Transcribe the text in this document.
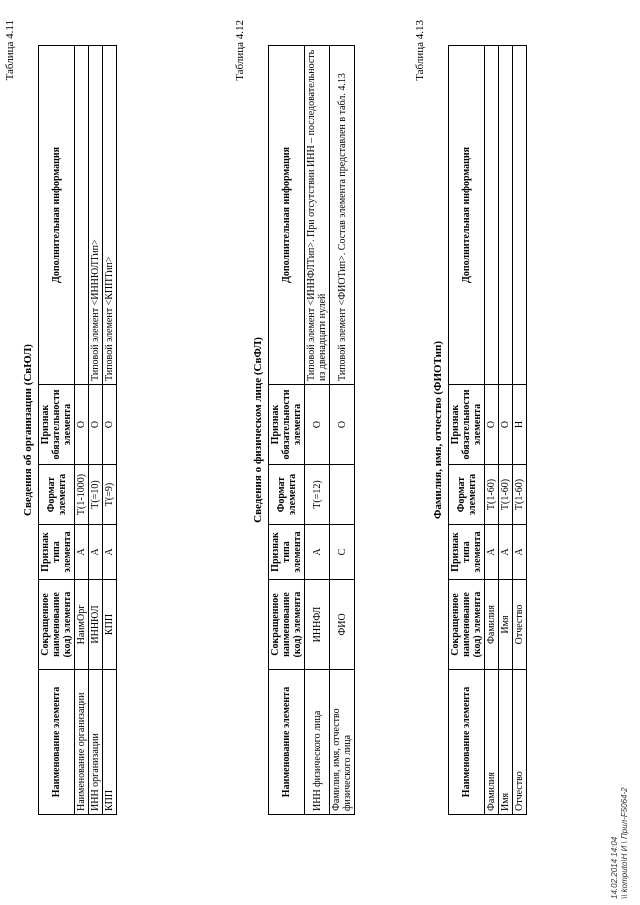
Таблица 4.11
Сведения об организации (СвЮЛ)
Наименование элемента	Сокращенное наименование (код) элемента	Признак типа элемента	Формат элемента	Признак обязательности элемента	Дополнительная информация
Наименование организации	НаимОрг	А	T(1-1000)	О	
ИНН организации	ИННЮЛ	А	T(=10)	О	Типовой элемент <ИННЮЛТип>
КПП	КПП	А	T(=9)	О	Типовой элемент <КППТип>
Таблица 4.12
Сведения о физическом лице (СвФЛ)
Наименование элемента	Сокращенное наименование (код) элемента	Признак типа элемента	Формат элемента	Признак обязательности элемента	Дополнительная информация
ИНН физического лица	ИННФЛ	А	T(=12)	О	Типовой элемент <ИННФЛТип>. При отсутствии ИНН – последовательность из двенадцати нулей
Фамилия, имя, отчество физического лица	ФИО	С		О	Типовой элемент <ФИОТип>. Состав элемента представлен в табл. 4.13
Таблица 4.13
Фамилия, имя, отчество (ФИОТип)
Наименование элемента	Сокращенное наименование (код) элемента	Признак типа элемента	Формат элемента	Признак обязательности элемента	Дополнительная информация
Фамилия	Фамилия	А	T(1-60)	О	
Имя	Имя	А	T(1-60)	О	
Отчество	Отчество	А	T(1-60)	Н	
14.02.2014 14:04 \\ komputo\Н И \ Прил-F5064-2
